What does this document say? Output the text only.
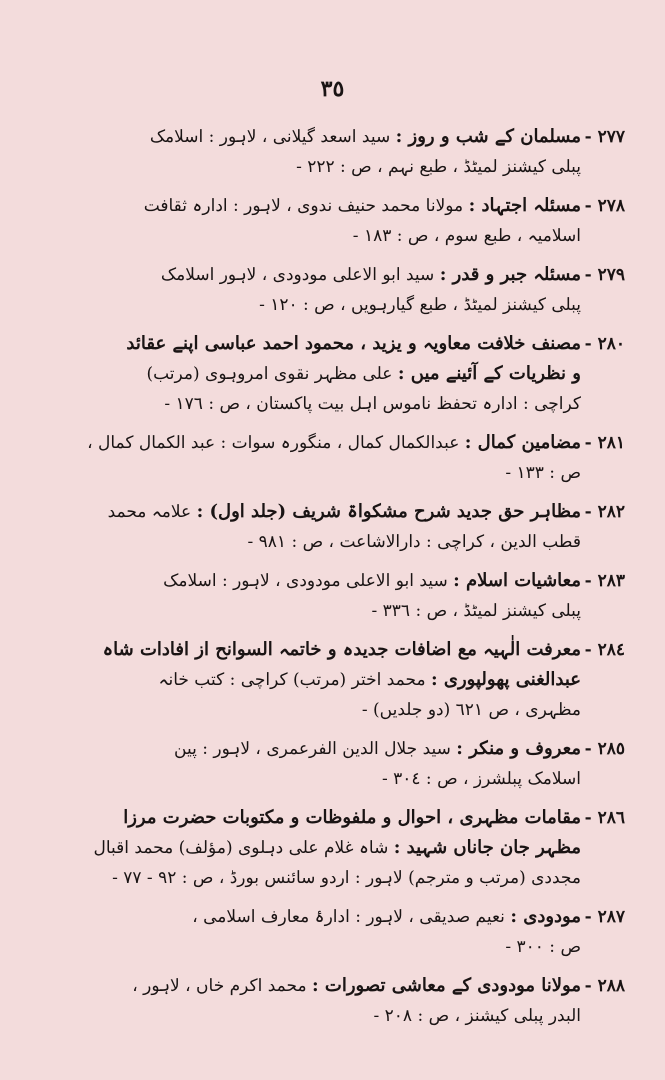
٣٥
٢٧٧ -
مسلمان کے شب و روز : سید اسعد گیلانی ، لاہور : اسلامک
پبلی کیشنز لمیٹڈ ، طبع نہم ، ص : ٢٢٢ -
٢٧٨ -
مسئلہ اجتہاد : مولانا محمد حنیف ندوی ، لاہور : ادارہ ثقافت
اسلامیہ ، طبع سوم ، ص : ١٨٣ -
٢٧٩ -
مسئلہ جبر و قدر : سید ابو الاعلی مودودی ، لاہور اسلامک
پبلی کیشنز لمیٹڈ ، طبع گیارہویں ، ص : ١٢٠ -
٢٨٠ -
مصنف خلافت معاویہ و یزید ، محمود احمد عباسی اپنے عقائد
و نظریات کے آئینے میں : علی مظہر نقوی امروہوی (مرتب)
کراچی : ادارہ تحفظ ناموس اہل بیت پاکستان ، ص : ١٧٦ -
٢٨١ -
مضامین کمال : عبدالکمال کمال ، منگورہ سوات : عبد الکمال کمال ،
ص : ١٣٣ -
٢٨٢ -
مظاہر حق جدید شرح مشکواۃ شریف (جلد اول) : علامہ محمد
قطب الدین ، کراچی : دارالاشاعت ، ص : ٩٨١ -
٢٨٣ -
معاشیات اسلام : سید ابو الاعلی مودودی ، لاہور : اسلامک
پبلی کیشنز لمیٹڈ ، ص : ٣٣٦ -
٢٨٤ -
معرفت الٰہیہ مع اضافات جدیدہ و خاتمہ السوانح از افادات شاہ
عبدالغنی پھولپوری : محمد اختر (مرتب) کراچی : کتب خانہ
مظہری ، ص ٦٢١ (دو جلدیں) -
٢٨٥ -
معروف و منکر : سید جلال الدین الفرعمری ، لاہور : پین
اسلامک پبلشرز ، ص : ٣٠٤ -
٢٨٦ -
مقامات مظہری ، احوال و ملفوظات و مکتوبات حضرت مرزا
مظہر جان جاناں شہید : شاہ غلام علی دہلوی (مؤلف) محمد اقبال
مجددی (مرتب و مترجم) لاہور : اردو سائنس بورڈ ، ص : ٩٢ - ٧٧ -
٢٨٧ -
مودودی : نعیم صدیقی ، لاہور : ادارۂ معارف اسلامی ،
ص : ٣٠٠ -
٢٨٨ -
مولانا مودودی کے معاشی تصورات : محمد اکرم خاں ، لاہور ،
البدر پبلی کیشنز ، ص : ٢٠٨ -
